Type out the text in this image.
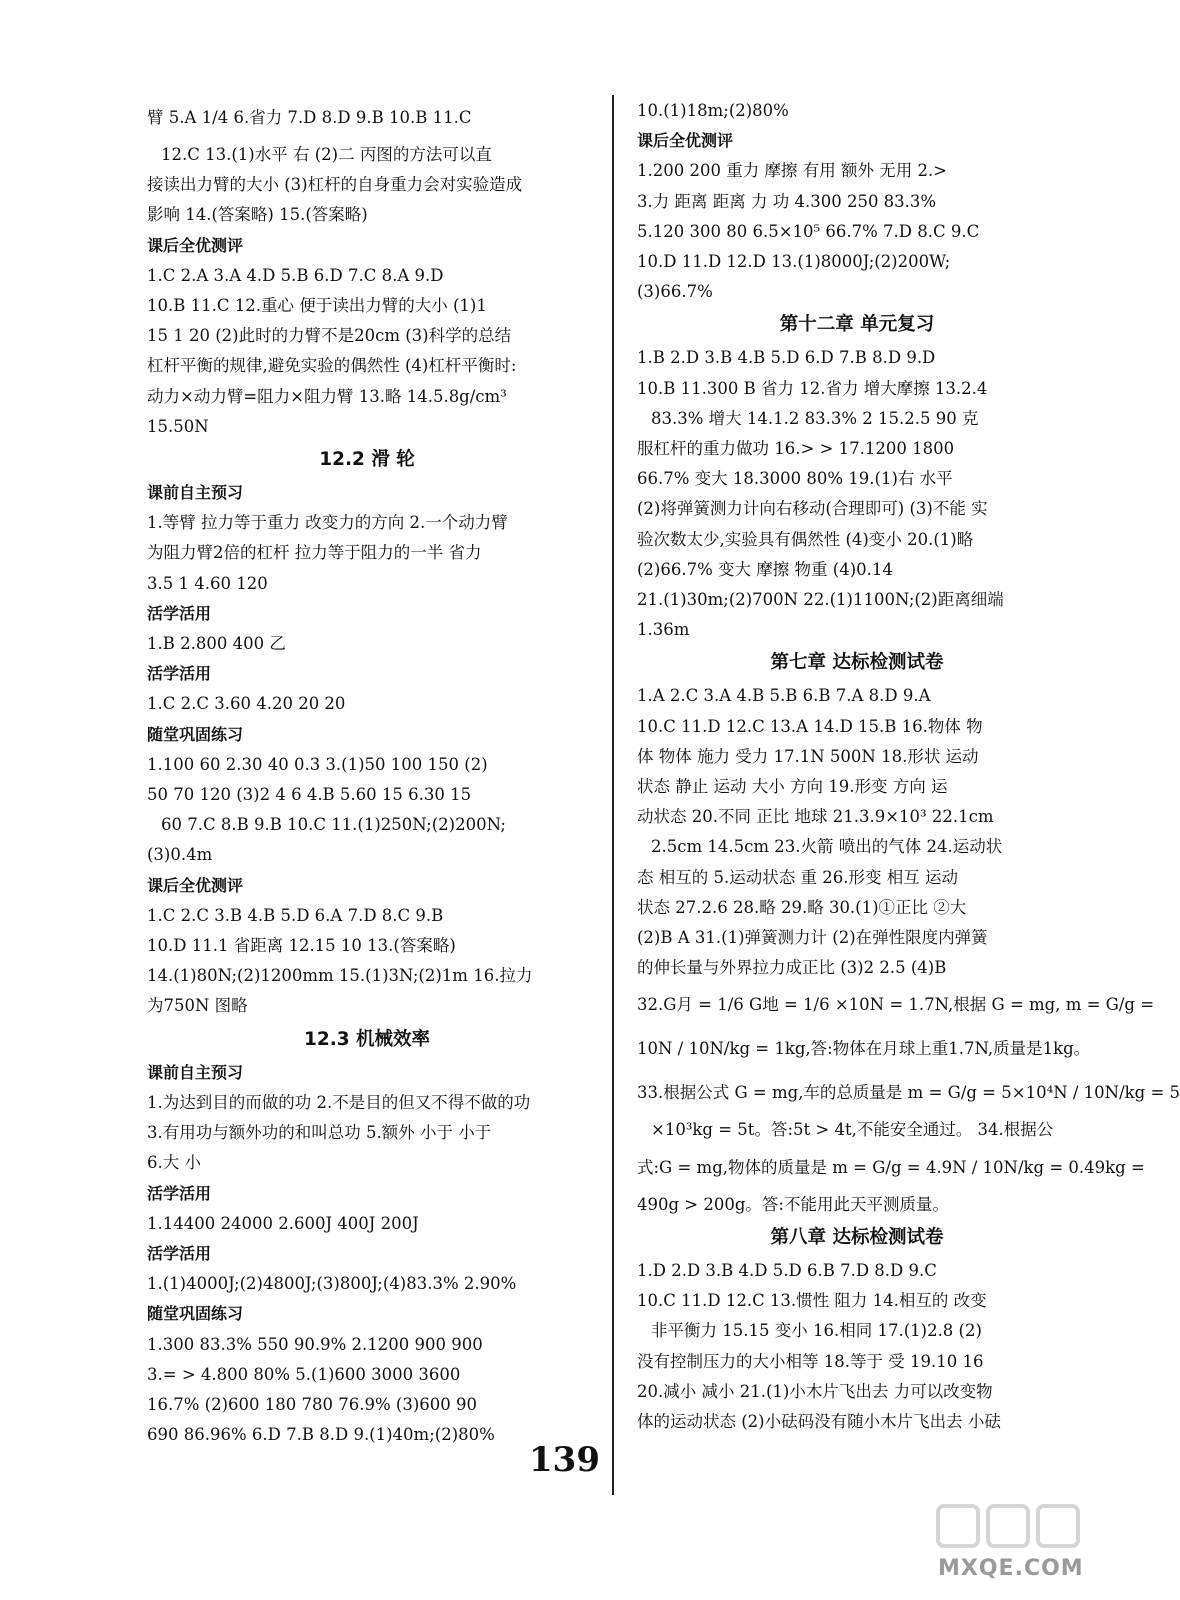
臂 5.A 1/4 6.省力 7.D 8.D 9.B 10.B 11.C
12.C 13.(1)水平 右 (2)二 丙图的方法可以直
接读出力臂的大小 (3)杠杆的自身重力会对实验造成
影响 14.(答案略) 15.(答案略)
课后全优测评
1.C 2.A 3.A 4.D 5.B 6.D 7.C 8.A 9.D
10.B 11.C 12.重心 便于读出力臂的大小 (1)1
15 1 20 (2)此时的力臂不是20cm (3)科学的总结
杠杆平衡的规律,避免实验的偶然性 (4)杠杆平衡时:
动力×动力臂=阻力×阻力臂 13.略 14.5.8g/cm³
15.50N
12.2 滑 轮
课前自主预习
1.等臂 拉力等于重力 改变力的方向 2.一个动力臂
为阻力臂2倍的杠杆 拉力等于阻力的一半 省力
3.5 1 4.60 120
活学活用
1.B 2.800 400 乙
活学活用
1.C 2.C 3.60 4.20 20 20
随堂巩固练习
1.100 60 2.30 40 0.3 3.(1)50 100 150 (2)
50 70 120 (3)2 4 6 4.B 5.60 15 6.30 15
60 7.C 8.B 9.B 10.C 11.(1)250N;(2)200N;
(3)0.4m
课后全优测评
1.C 2.C 3.B 4.B 5.D 6.A 7.D 8.C 9.B
10.D 11.1 省距离 12.15 10 13.(答案略)
14.(1)80N;(2)1200mm 15.(1)3N;(2)1m 16.拉力
为750N 图略
12.3 机械效率
课前自主预习
1.为达到目的而做的功 2.不是目的但又不得不做的功
3.有用功与额外功的和叫总功 5.额外 小于 小于
6.大 小
活学活用
1.14400 24000 2.600J 400J 200J
活学活用
1.(1)4000J;(2)4800J;(3)800J;(4)83.3% 2.90%
随堂巩固练习
1.300 83.3% 550 90.9% 2.1200 900 900
3.= > 4.800 80% 5.(1)600 3000 3600
16.7% (2)600 180 780 76.9% (3)600 90
690 86.96% 6.D 7.B 8.D 9.(1)40m;(2)80%
10.(1)18m;(2)80%
课后全优测评
1.200 200 重力 摩擦 有用 额外 无用 2.>
3.力 距离 距离 力 功 4.300 250 83.3%
5.120 300 80 6.5×10⁵ 66.7% 7.D 8.C 9.C
10.D 11.D 12.D 13.(1)8000J;(2)200W;
(3)66.7%
第十二章 单元复习
1.B 2.D 3.B 4.B 5.D 6.D 7.B 8.D 9.D
10.B 11.300 B 省力 12.省力 增大摩擦 13.2.4
83.3% 增大 14.1.2 83.3% 2 15.2.5 90 克
服杠杆的重力做功 16.> > 17.1200 1800
66.7% 变大 18.3000 80% 19.(1)右 水平
(2)将弹簧测力计向右移动(合理即可) (3)不能 实
验次数太少,实验具有偶然性 (4)变小 20.(1)略
(2)66.7% 变大 摩擦 物重 (4)0.14
21.(1)30m;(2)700N 22.(1)1100N;(2)距离细端
1.36m
第七章 达标检测试卷
1.A 2.C 3.A 4.B 5.B 6.B 7.A 8.D 9.A
10.C 11.D 12.C 13.A 14.D 15.B 16.物体 物
体 物体 施力 受力 17.1N 500N 18.形状 运动
状态 静止 运动 大小 方向 19.形变 方向 运
动状态 20.不同 正比 地球 21.3.9×10³ 22.1cm
2.5cm 14.5cm 23.火箭 喷出的气体 24.运动状
态 相互的 5.运动状态 重 26.形变 相互 运动
状态 27.2.6 28.略 29.略 30.(1)①正比 ②大
(2)B A 31.(1)弹簧测力计 (2)在弹性限度内弹簧
的伸长量与外界拉力成正比 (3)2 2.5 (4)B
32.G月 = 1/6 G地 = 1/6 ×10N = 1.7N,根据 G = mg, m = G/g =
10N / 10N/kg = 1kg,答:物体在月球上重1.7N,质量是1kg。
33.根据公式 G = mg,车的总质量是 m = G/g = 5×10⁴N / 10N/kg = 5
×10³kg = 5t。答:5t > 4t,不能安全通过。 34.根据公
式:G = mg,物体的质量是 m = G/g = 4.9N / 10N/kg = 0.49kg =
490g > 200g。答:不能用此天平测质量。
第八章 达标检测试卷
1.D 2.D 3.B 4.D 5.D 6.B 7.D 8.D 9.C
10.C 11.D 12.C 13.惯性 阻力 14.相互的 改变
非平衡力 15.15 变小 16.相同 17.(1)2.8 (2)
没有控制压力的大小相等 18.等于 受 19.10 16
20.减小 减小 21.(1)小木片飞出去 力可以改变物
体的运动状态 (2)小砝码没有随小木片飞出去 小砝
139
MXQE.COM
